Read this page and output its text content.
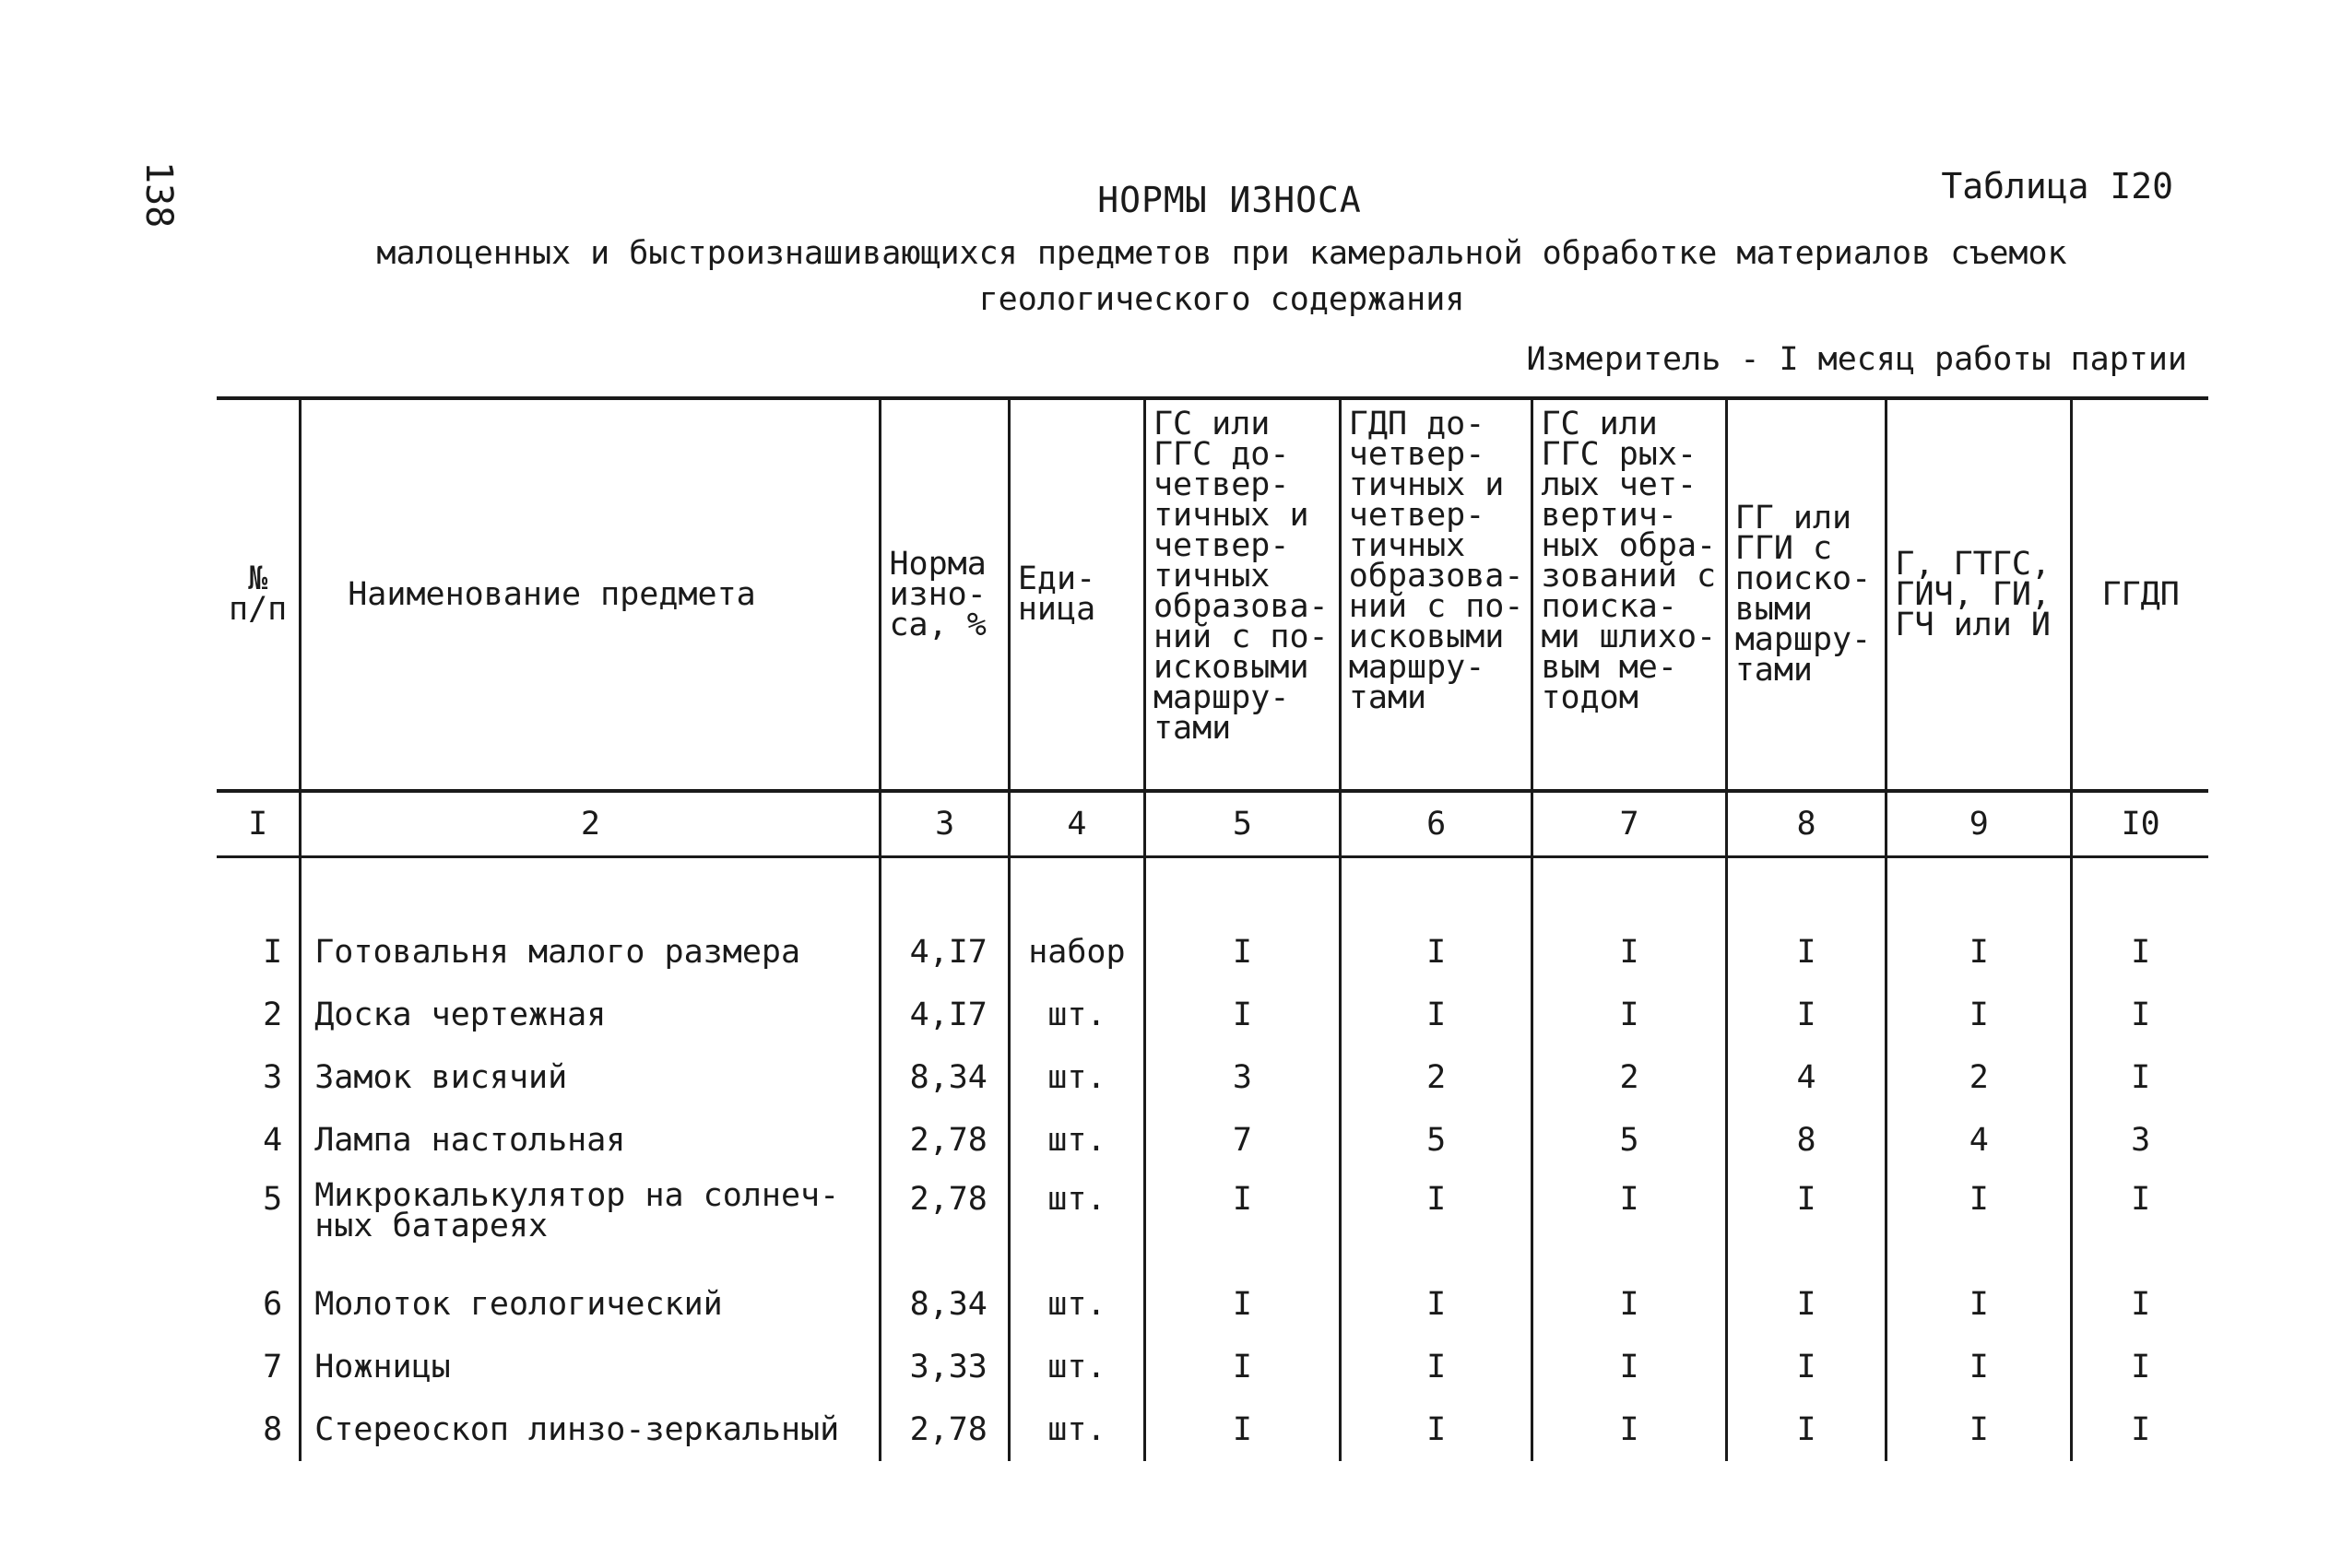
138	НОРМЫ ИЗНОСА	Таблица I20
малоценных и быстроизнашивающихся предметов при камеральной обработке материалов съемок
геологического содержания
Измеритель - I месяц работы партии
№ п/п	Наименование предмета	Норма изно- са, %	Еди- ница	ГС или ГГС до- четвер- тичных и четвер- тичных образова- ний с по- исковыми маршру- тами	ГДП до- четвер- тичных и четвер- тичных образова- ний с по- исковыми маршру- тами	ГС или ГГС рых- лых чет- вертич- ных обра- зований с поиска- ми шлихо- вым ме- тодом	ГГ или ГГИ с поиско- выми маршру- тами	Г, ГТГС, ГИЧ, ГИ, ГЧ или И	ГГДП
I	2	3	4	5	6	7	8	9	I0

I	Готовальня малого размера	4,I7	набор	I	I	I	I	I	I
2	Доска чертежная	4,I7	шт.	I	I	I	I	I	I
3	Замок висячий	8,34	шт.	3	2	2	4	2	I
4	Лампа настольная	2,78	шт.	7	5	5	8	4	3
5	Микрокалькулятор на солнеч- ных батареях	2,78	шт.	I	I	I	I	I	I
6	Молоток геологический	8,34	шт.	I	I	I	I	I	I
7	Ножницы	3,33	шт.	I	I	I	I	I	I
8	Стереоскоп линзо-зеркальный	2,78	шт.	I	I	I	I	I	I
